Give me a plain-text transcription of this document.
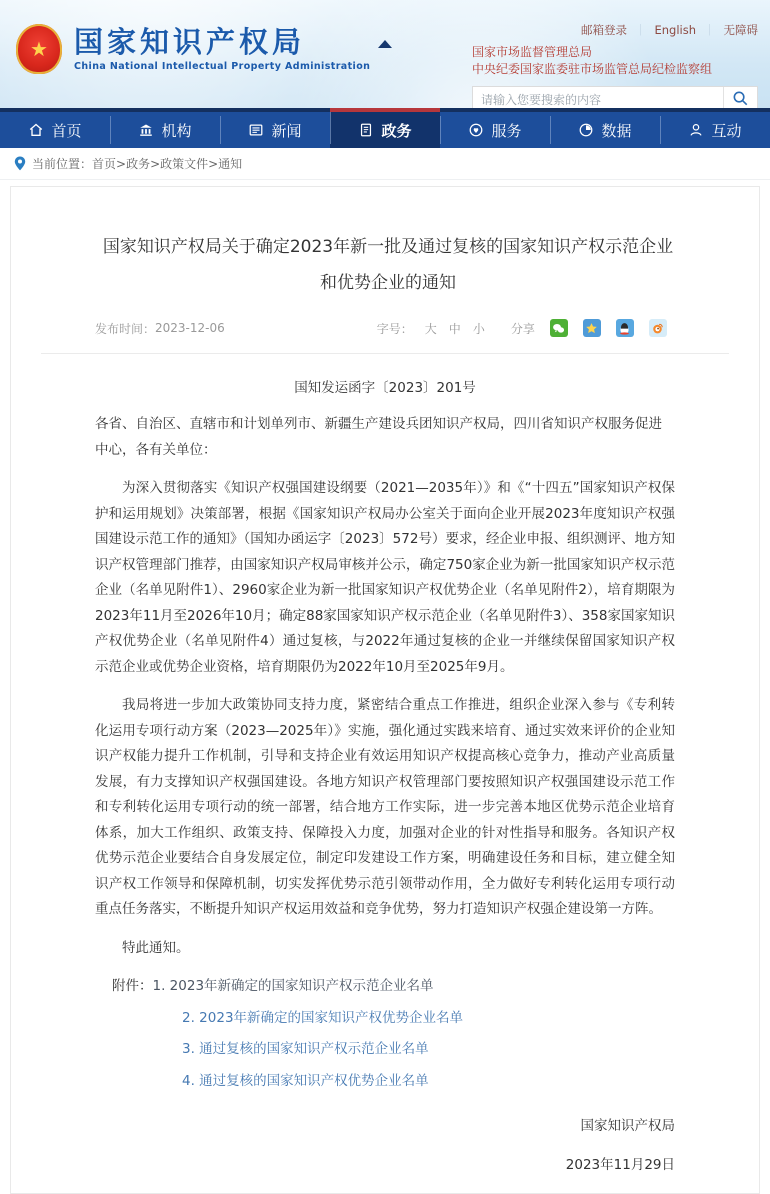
★ 国家知识产权局
China National Intellectual Property Administration
邮箱登录 ｜ English ｜ 无障碍
国家市场监督管理总局
中央纪委国家监委驻市场监管总局纪检监察组
请输入您要搜索的内容
首页	机构	新闻	政务	服务	数据	互动
当前位置： 首页>政务>政策文件>通知
国家知识产权局关于确定2023年新一批及通过复核的国家知识产权示范企业和优势企业的通知
发布时间： 2023-12-06	字号： 大 中 小 分享
国知发运函字〔2023〕201号

各省、自治区、直辖市和计划单列市、新疆生产建设兵团知识产权局，四川省知识产权服务促进中心，各有关单位：

为深入贯彻落实《知识产权强国建设纲要（2021—2035年）》和《“十四五”国家知识产权保护和运用规划》决策部署，根据《国家知识产权局办公室关于面向企业开展2023年度知识产权强国建设示范工作的通知》（国知办函运字〔2023〕572号）要求，经企业申报、组织测评、地方知识产权管理部门推荐，由国家知识产权局审核并公示，确定750家企业为新一批国家知识产权示范企业（名单见附件1）、2960家企业为新一批国家知识产权优势企业（名单见附件2），培育期限为2023年11月至2026年10月；确定88家国家知识产权示范企业（名单见附件3）、358家国家知识产权优势企业（名单见附件4）通过复核，与2022年通过复核的企业一并继续保留国家知识产权示范企业或优势企业资格，培育期限仍为2022年10月至2025年9月。

我局将进一步加大政策协同支持力度，紧密结合重点工作推进，组织企业深入参与《专利转化运用专项行动方案（2023—2025年）》实施，强化通过实践来培育、通过实效来评价的企业知识产权能力提升工作机制，引导和支持企业有效运用知识产权提高核心竞争力，推动产业高质量发展，有力支撑知识产权强国建设。各地方知识产权管理部门要按照知识产权强国建设示范工作和专利转化运用专项行动的统一部署，结合地方工作实际，进一步完善本地区优势示范企业培育体系，加大工作组织、政策支持、保障投入力度，加强对企业的针对性指导和服务。各知识产权优势示范企业要结合自身发展定位，制定印发建设工作方案，明确建设任务和目标，建立健全知识产权工作领导和保障机制，切实发挥优势示范引领带动作用，全力做好专利转化运用专项行动重点任务落实，不断提升知识产权运用效益和竞争优势，努力打造知识产权强企建设第一方阵。

特此通知。

附件：1. 2023年新确定的国家知识产权示范企业名单
2. 2023年新确定的国家知识产权优势企业名单
3. 通过复核的国家知识产权示范企业名单
4. 通过复核的国家知识产权优势企业名单
国家知识产权局
2023年11月29日
